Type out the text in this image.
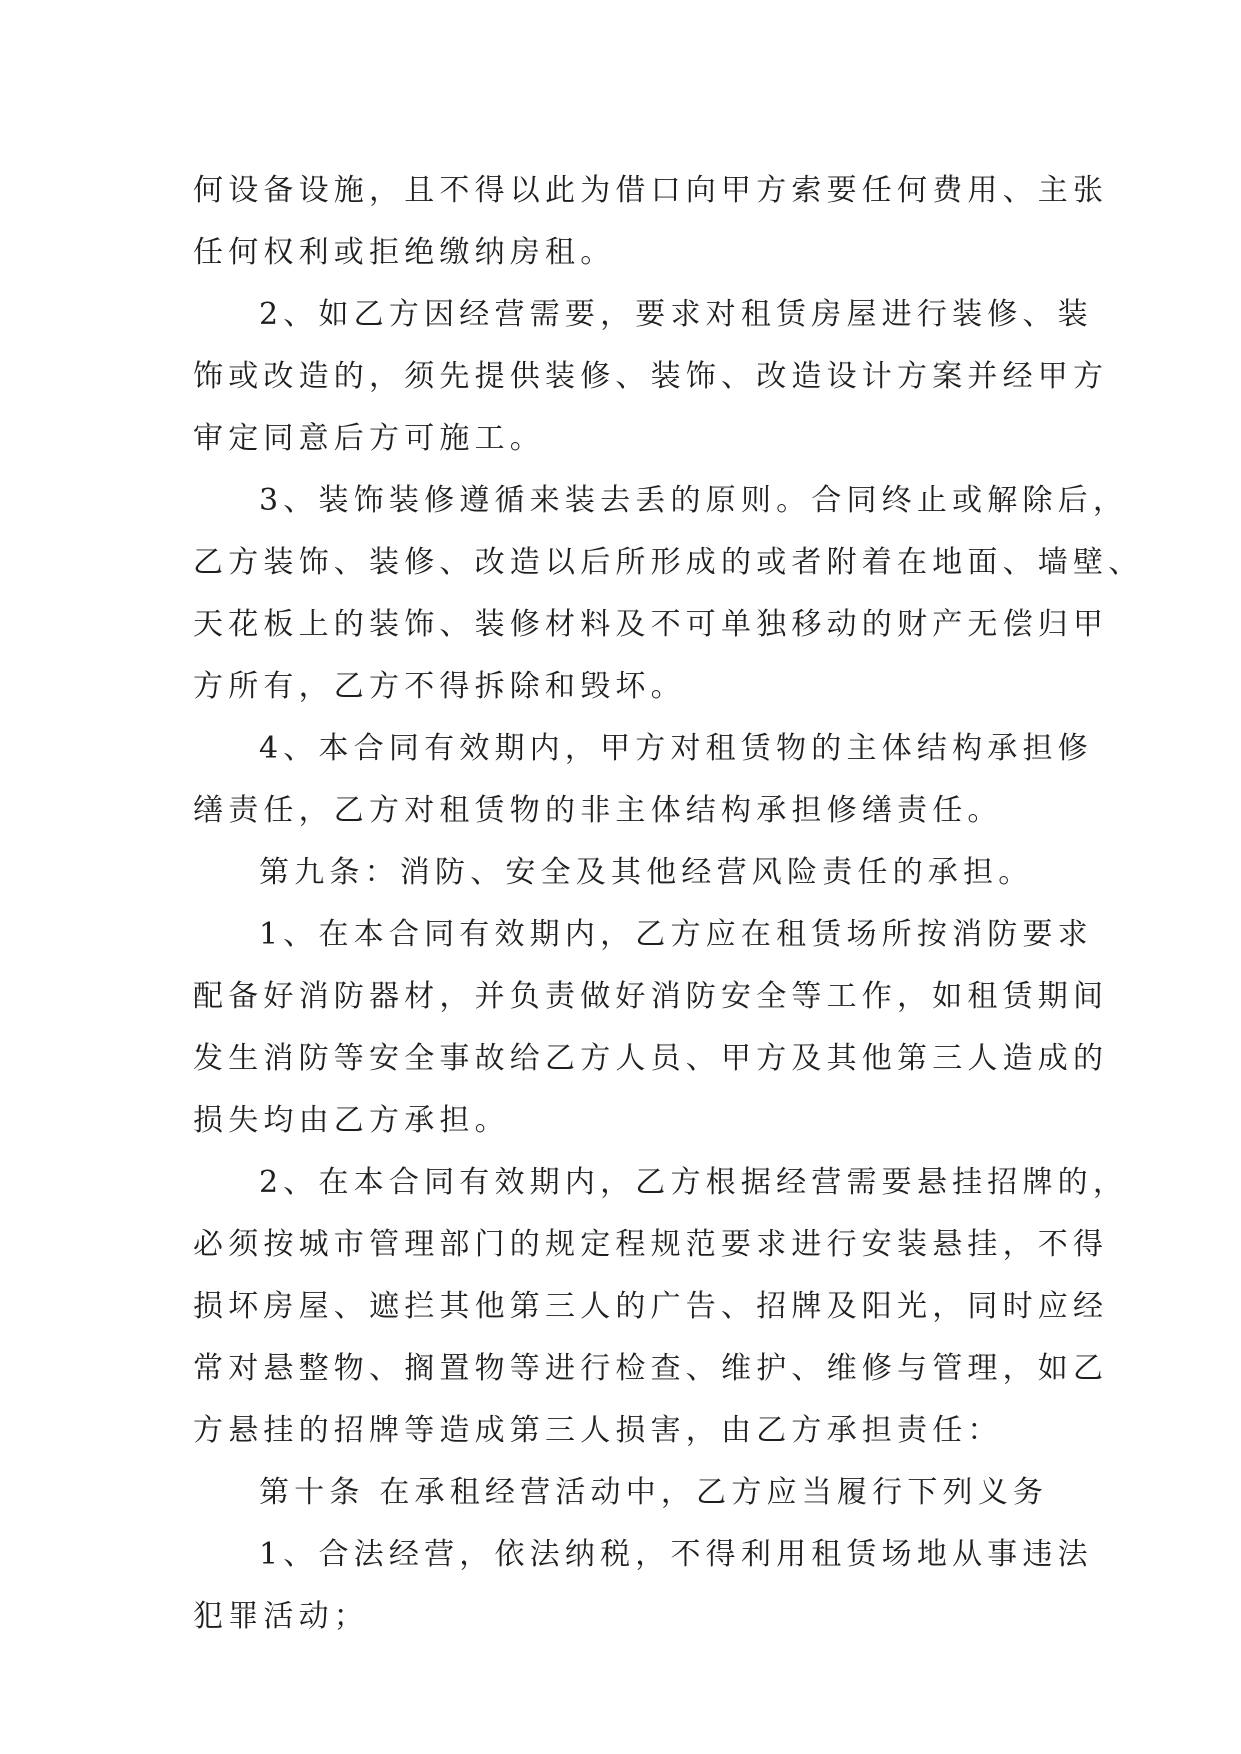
何设备设施，且不得以此为借口向甲方索要任何费用、主张

任何权利或拒绝缴纳房租。

2、如乙方因经营需要，要求对租赁房屋进行装修、装

饰或改造的，须先提供装修、装饰、改造设计方案并经甲方

审定同意后方可施工。

3、装饰装修遵循来装去丢的原则。合同终止或解除后，

乙方装饰、装修、改造以后所形成的或者附着在地面、墙壁、

天花板上的装饰、装修材料及不可单独移动的财产无偿归甲

方所有，乙方不得拆除和毁坏。

4、本合同有效期内，甲方对租赁物的主体结构承担修

缮责任，乙方对租赁物的非主体结构承担修缮责任。

第九条：消防、安全及其他经营风险责任的承担。

1、在本合同有效期内，乙方应在租赁场所按消防要求

配备好消防器材，并负责做好消防安全等工作，如租赁期间

发生消防等安全事故给乙方人员、甲方及其他第三人造成的

损失均由乙方承担。

2、在本合同有效期内，乙方根据经营需要悬挂招牌的，

必须按城市管理部门的规定程规范要求进行安装悬挂，不得

损坏房屋、遮拦其他第三人的广告、招牌及阳光，同时应经

常对悬整物、搁置物等进行检查、维护、维修与管理，如乙

方悬挂的招牌等造成第三人损害，由乙方承担责任：

第十条 在承租经营活动中，乙方应当履行下列义务

1、合法经营，依法纳税，不得利用租赁场地从事违法

犯罪活动；
